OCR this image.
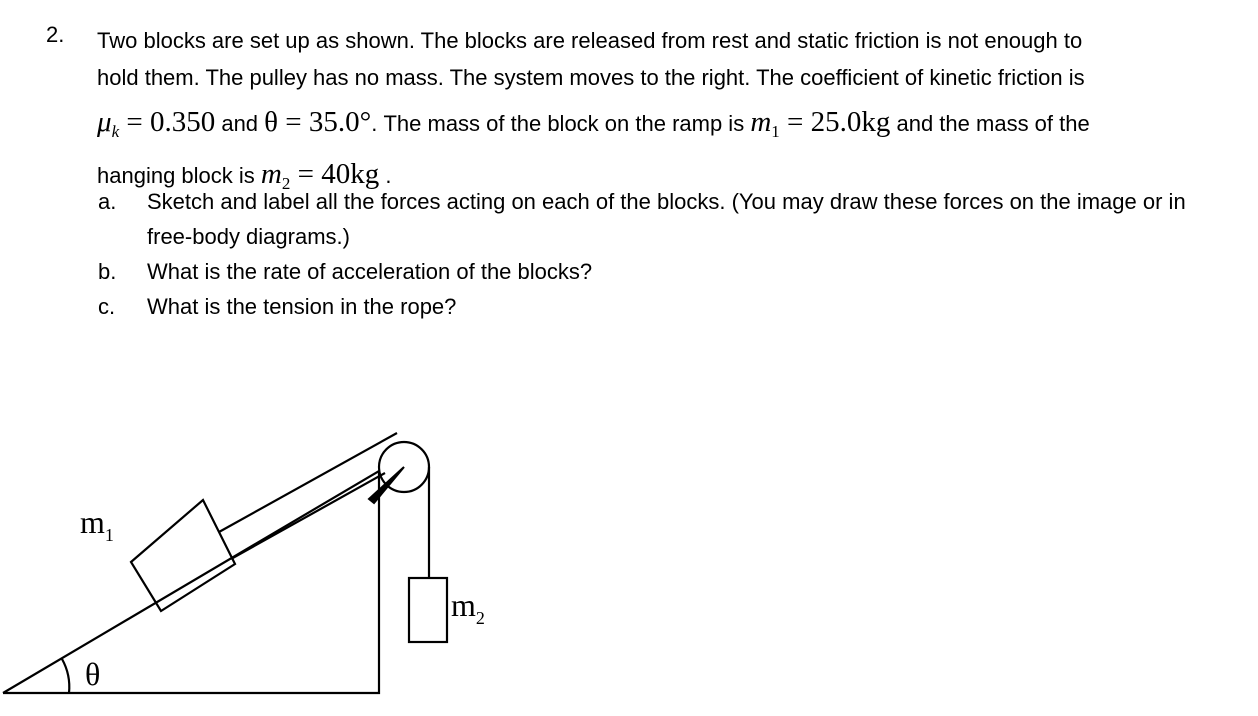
2. Two blocks are set up as shown. The blocks are released from rest and static friction is not enough to
hold them. The pulley has no mass. The system moves to the right. The coefficient of kinetic friction is
$\mu_k = 0.350$ and θ = 35.0°. The mass of the block on the ramp is $m_1 = 25.0kg$ and the mass of the
hanging block is $m_2 = 40kg$ .
a. Sketch and label all the forces acting on each of the blocks. (You may draw these forces on the image or in free-body diagrams.)
b. What is the rate of acceleration of the blocks?
c. What is the tension in the rope?
$m_1$
$m_2$
θ
